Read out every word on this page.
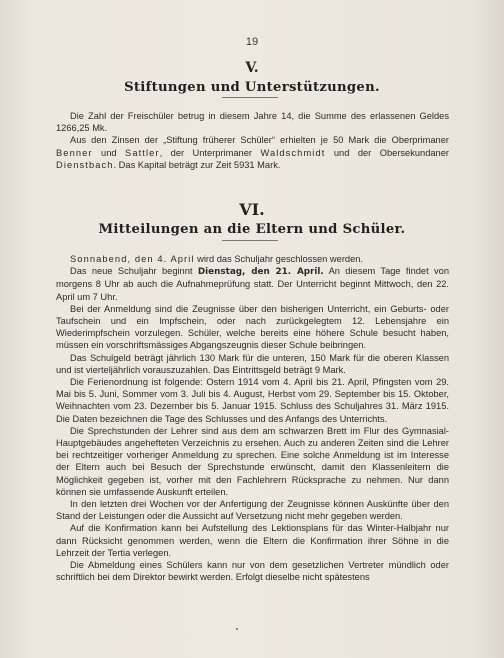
19
V.
Stiftungen und Unterstützungen.

Die Zahl der Freischüler betrug in diesem Jahre 14, die Summe des erlassenen Geldes 1266,25 Mk.

Aus den Zinsen der „Stiftung früherer Schüler“ erhielten je 50 Mark die Oberprimaner Benner und Sattler, der Unterprimaner Waldschmidt und der Obersekundaner Dienstbach. Das Kapital beträgt zur Zeit 5931 Mark.

VI.
Mitteilungen an die Eltern und Schüler.

Sonnabend, den 4. April wird das Schuljahr geschlossen werden.

Das neue Schuljahr beginnt Dienstag, den 21. April. An diesem Tage findet von morgens 8 Uhr ab auch die Aufnahmeprüfung statt. Der Unterricht beginnt Mittwoch, den 22. April um 7 Uhr.

Bei der Anmeldung sind die Zeugnisse über den bisherigen Unterricht, ein Geburts- oder Taufschein und ein Impfschein, oder nach zurückgelegtem 12. Lebensjahre ein Wiederimpfschein vorzulegen. Schüler, welche bereits eine höhere Schule besucht haben, müssen ein vorschriftsmässiges Abgangszeugnis dieser Schule beibringen.

Das Schulgeld beträgt jährlich 130 Mark für die unteren, 150 Mark für die oberen Klassen und ist vierteljährlich vorauszuzahlen. Das Eintrittsgeld beträgt 9 Mark.

Die Ferienordnung ist folgende: Ostern 1914 vom 4. April bis 21. April, Pfingsten vom 29. Mai bis 5. Juni, Sommer vom 3. Juli bis 4. August, Herbst vom 29. September bis 15. Oktober, Weihnachten vom 23. Dezember bis 5. Januar 1915. Schluss des Schuljahres 31. März 1915. Die Daten bezeichnen die Tage des Schlusses und des Anfangs des Unterrichts.

Die Sprechstunden der Lehrer sind aus dem am schwarzen Brett im Flur des Gymnasial-Hauptgebäudes angehefteten Verzeichnis zu ersehen. Auch zu anderen Zeiten sind die Lehrer bei rechtzeitiger vorheriger Anmeldung zu sprechen. Eine solche Anmeldung ist im Interesse der Eltern auch bei Besuch der Sprechstunde erwünscht, damit den Klassenleitern die Möglichkeit gegeben ist, vorher mit den Fachlehrern Rücksprache zu nehmen. Nur dann können sie umfassende Auskunft erteilen.

In den letzten drei Wochen vor der Anfertigung der Zeugnisse können Auskünfte über den Stand der Leistungen oder die Aussicht auf Versetzung nicht mehr gegeben werden.

Auf die Konfirmation kann bei Aufstellung des Lektionsplans für das Winter-Halbjahr nur dann Rücksicht genommen werden, wenn die Eltern die Konfirmation ihrer Söhne in die Lehrzeit der Tertia verlegen.

Die Abmeldung eines Schülers kann nur von dem gesetzlichen Vertreter mündlich oder schriftlich bei dem Direktor bewirkt werden. Erfolgt dieselbe nicht spätestens
